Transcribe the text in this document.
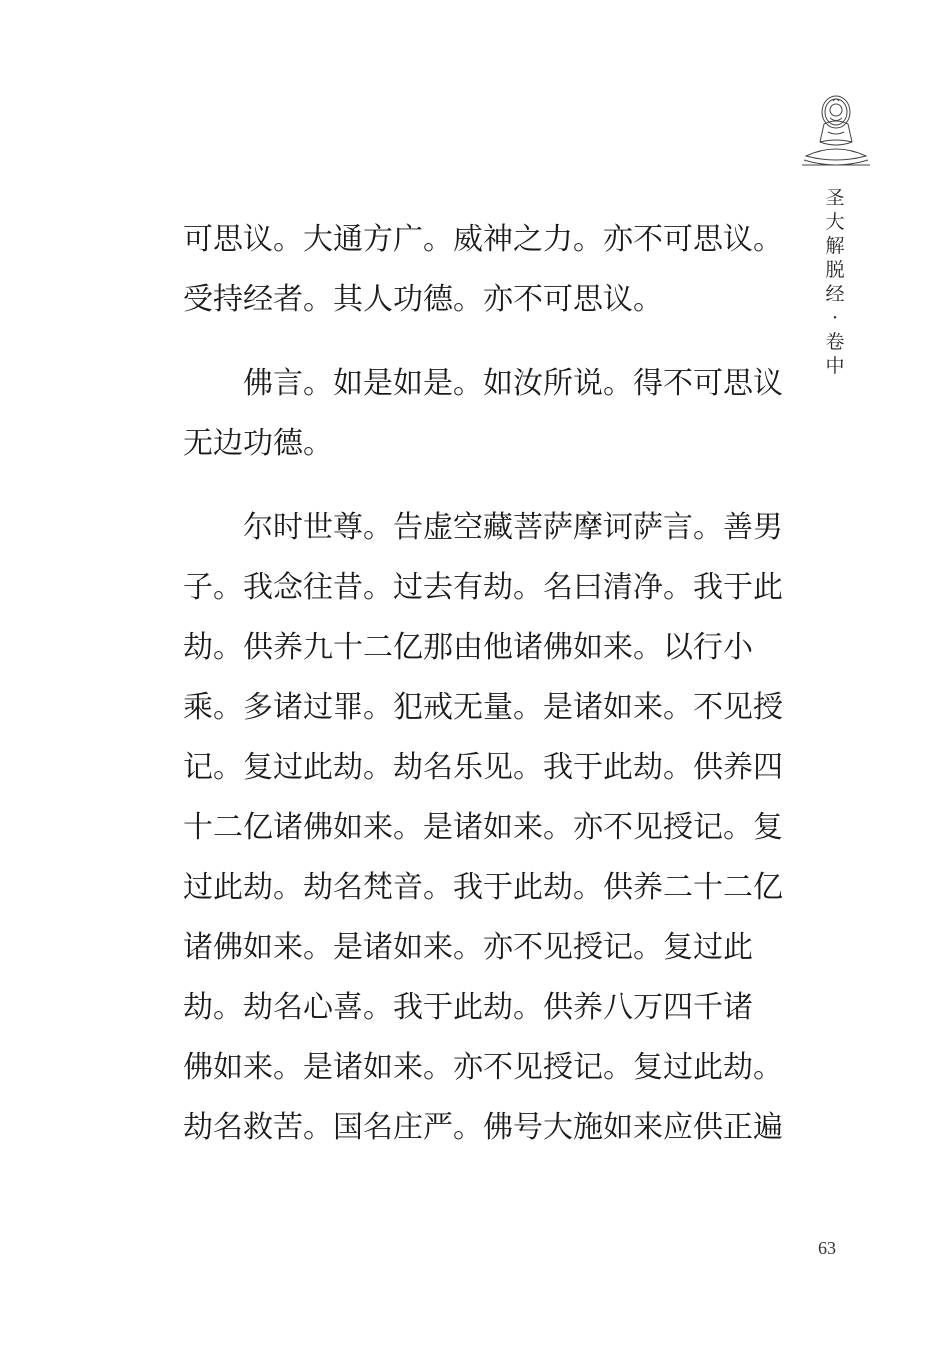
圣
大
解
脱
经
·
卷
中
可思议。大通方广。威神之力。亦不可思议。
受持经者。其人功德。亦不可思议。
　　佛言。如是如是。如汝所说。得不可思议
无边功德。
　　尔时世尊。告虚空藏菩萨摩诃萨言。善男
子。我念往昔。过去有劫。名曰清净。我于此
劫。供养九十二亿那由他诸佛如来。以行小
乘。多诸过罪。犯戒无量。是诸如来。不见授
记。复过此劫。劫名乐见。我于此劫。供养四
十二亿诸佛如来。是诸如来。亦不见授记。复
过此劫。劫名梵音。我于此劫。供养二十二亿
诸佛如来。是诸如来。亦不见授记。复过此
劫。劫名心喜。我于此劫。供养八万四千诸
佛如来。是诸如来。亦不见授记。复过此劫。
劫名救苦。国名庄严。佛号大施如来应供正遍
63
